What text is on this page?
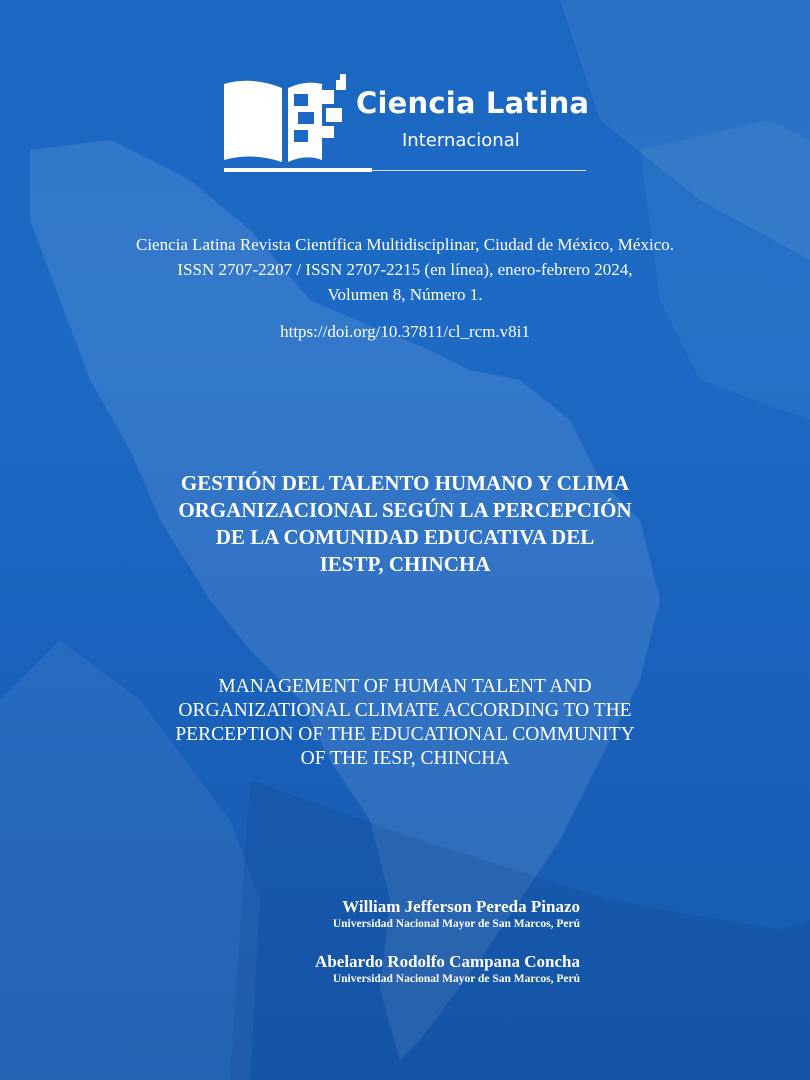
Ciencia Latina
Internacional
Ciencia Latina Revista Científica Multidisciplinar, Ciudad de México, México.
ISSN 2707-2207 / ISSN 2707-2215 (en línea), enero-febrero 2024,
Volumen 8, Número 1.
https://doi.org/10.37811/cl_rcm.v8i1
GESTIÓN DEL TALENTO HUMANO Y CLIMA
ORGANIZACIONAL SEGÚN LA PERCEPCIÓN
DE LA COMUNIDAD EDUCATIVA DEL
IESTP, CHINCHA
MANAGEMENT OF HUMAN TALENT AND
ORGANIZATIONAL CLIMATE ACCORDING TO THE
PERCEPTION OF THE EDUCATIONAL COMMUNITY
OF THE IESP, CHINCHA
William Jefferson Pereda Pinazo
Universidad Nacional Mayor de San Marcos, Perú
Abelardo Rodolfo Campana Concha
Universidad Nacional Mayor de San Marcos, Perú
